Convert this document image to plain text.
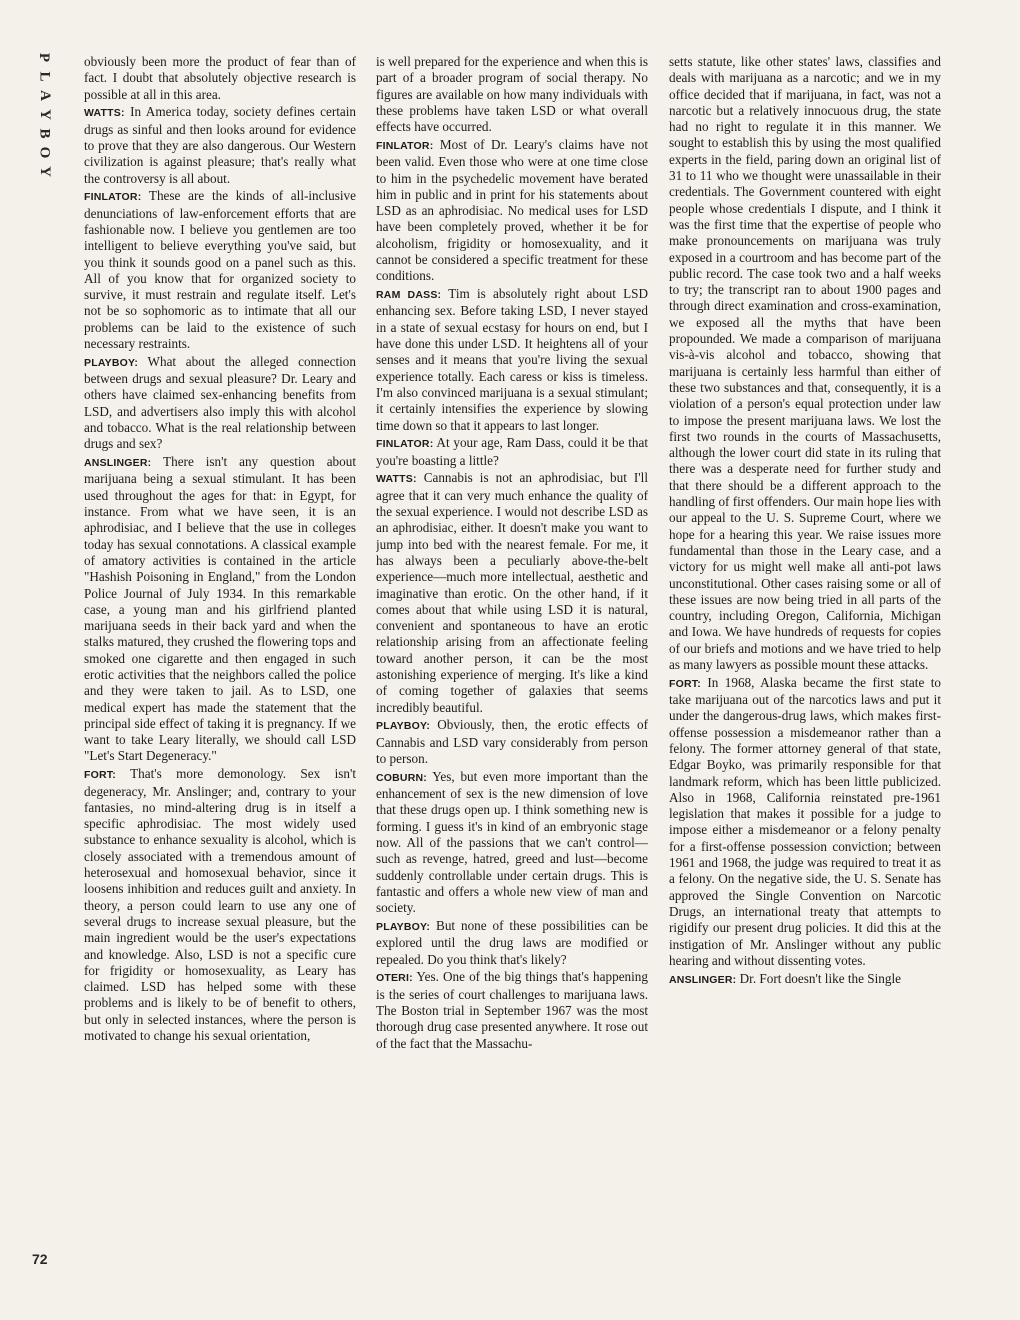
P
L
A
Y
B
O
Y

obviously been more the product of fear than of fact. I doubt that absolutely objective research is possible at all in this area.

WATTS: In America today, society defines certain drugs as sinful and then looks around for evidence to prove that they are also dangerous. Our Western civilization is against pleasure; that's really what the controversy is all about.

FINLATOR: These are the kinds of all-inclusive denunciations of law-enforcement efforts that are fashionable now. I believe you gentlemen are too intelligent to believe everything you've said, but you think it sounds good on a panel such as this. All of you know that for organized society to survive, it must restrain and regulate itself. Let's not be so sophomoric as to intimate that all our problems can be laid to the existence of such necessary restraints.

PLAYBOY: What about the alleged connection between drugs and sexual pleasure? Dr. Leary and others have claimed sex-enhancing benefits from LSD, and advertisers also imply this with alcohol and tobacco. What is the real relationship between drugs and sex?

ANSLINGER: There isn't any question about marijuana being a sexual stimulant. It has been used throughout the ages for that: in Egypt, for instance. From what we have seen, it is an aphrodisiac, and I believe that the use in colleges today has sexual connotations. A classical example of amatory activities is contained in the article "Hashish Poisoning in England," from the London Police Journal of July 1934. In this remarkable case, a young man and his girlfriend planted marijuana seeds in their back yard and when the stalks matured, they crushed the flowering tops and smoked one cigarette and then engaged in such erotic activities that the neighbors called the police and they were taken to jail. As to LSD, one medical expert has made the statement that the principal side effect of taking it is pregnancy. If we want to take Leary literally, we should call LSD "Let's Start Degeneracy."

FORT: That's more demonology. Sex isn't degeneracy, Mr. Anslinger; and, contrary to your fantasies, no mind-altering drug is in itself a specific aphrodisiac. The most widely used substance to enhance sexuality is alcohol, which is closely associated with a tremendous amount of heterosexual and homosexual behavior, since it loosens inhibition and reduces guilt and anxiety. In theory, a person could learn to use any one of several drugs to increase sexual pleasure, but the main ingredient would be the user's expectations and knowledge. Also, LSD is not a specific cure for frigidity or homosexuality, as Leary has claimed. LSD has helped some with these problems and is likely to be of benefit to others, but only in selected instances, where the person is motivated to change his sexual orientation,

is well prepared for the experience and when this is part of a broader program of social therapy. No figures are available on how many individuals with these problems have taken LSD or what overall effects have occurred.

FINLATOR: Most of Dr. Leary's claims have not been valid. Even those who were at one time close to him in the psychedelic movement have berated him in public and in print for his statements about LSD as an aphrodisiac. No medical uses for LSD have been completely proved, whether it be for alcoholism, frigidity or homosexuality, and it cannot be considered a specific treatment for these conditions.

RAM DASS: Tim is absolutely right about LSD enhancing sex. Before taking LSD, I never stayed in a state of sexual ecstasy for hours on end, but I have done this under LSD. It heightens all of your senses and it means that you're living the sexual experience totally. Each caress or kiss is timeless. I'm also convinced marijuana is a sexual stimulant; it certainly intensifies the experience by slowing time down so that it appears to last longer.

FINLATOR: At your age, Ram Dass, could it be that you're boasting a little?

WATTS: Cannabis is not an aphrodisiac, but I'll agree that it can very much enhance the quality of the sexual experience. I would not describe LSD as an aphrodisiac, either. It doesn't make you want to jump into bed with the nearest female. For me, it has always been a peculiarly above-the-belt experience—much more intellectual, aesthetic and imaginative than erotic. On the other hand, if it comes about that while using LSD it is natural, convenient and spontaneous to have an erotic relationship arising from an affectionate feeling toward another person, it can be the most astonishing experience of merging. It's like a kind of coming together of galaxies that seems incredibly beautiful.

PLAYBOY: Obviously, then, the erotic effects of Cannabis and LSD vary considerably from person to person.

COBURN: Yes, but even more important than the enhancement of sex is the new dimension of love that these drugs open up. I think something new is forming. I guess it's in kind of an embryonic stage now. All of the passions that we can't control—such as revenge, hatred, greed and lust—become suddenly controllable under certain drugs. This is fantastic and offers a whole new view of man and society.

PLAYBOY: But none of these possibilities can be explored until the drug laws are modified or repealed. Do you think that's likely?

OTERI: Yes. One of the big things that's happening is the series of court challenges to marijuana laws. The Boston trial in September 1967 was the most thorough drug case presented anywhere. It rose out of the fact that the Massachu-

setts statute, like other states' laws, classifies and deals with marijuana as a narcotic; and we in my office decided that if marijuana, in fact, was not a narcotic but a relatively innocuous drug, the state had no right to regulate it in this manner. We sought to establish this by using the most qualified experts in the field, paring down an original list of 31 to 11 who we thought were unassailable in their credentials. The Government countered with eight people whose credentials I dispute, and I think it was the first time that the expertise of people who make pronouncements on marijuana was truly exposed in a courtroom and has become part of the public record. The case took two and a half weeks to try; the transcript ran to about 1900 pages and through direct examination and cross-examination, we exposed all the myths that have been propounded. We made a comparison of marijuana vis-à-vis alcohol and tobacco, showing that marijuana is certainly less harmful than either of these two substances and that, consequently, it is a violation of a person's equal protection under law to impose the present marijuana laws. We lost the first two rounds in the courts of Massachusetts, although the lower court did state in its ruling that there was a desperate need for further study and that there should be a different approach to the handling of first offenders. Our main hope lies with our appeal to the U. S. Supreme Court, where we hope for a hearing this year. We raise issues more fundamental than those in the Leary case, and a victory for us might well make all anti-pot laws unconstitutional. Other cases raising some or all of these issues are now being tried in all parts of the country, including Oregon, California, Michigan and Iowa. We have hundreds of requests for copies of our briefs and motions and we have tried to help as many lawyers as possible mount these attacks.

FORT: In 1968, Alaska became the first state to take marijuana out of the narcotics laws and put it under the dangerous-drug laws, which makes first-offense possession a misdemeanor rather than a felony. The former attorney general of that state, Edgar Boyko, was primarily responsible for that landmark reform, which has been little publicized. Also in 1968, California reinstated pre-1961 legislation that makes it possible for a judge to impose either a misdemeanor or a felony penalty for a first-offense possession conviction; between 1961 and 1968, the judge was required to treat it as a felony. On the negative side, the U. S. Senate has approved the Single Convention on Narcotic Drugs, an international treaty that attempts to rigidify our present drug policies. It did this at the instigation of Mr. Anslinger without any public hearing and without dissenting votes.

ANSLINGER: Dr. Fort doesn't like the Single

72
